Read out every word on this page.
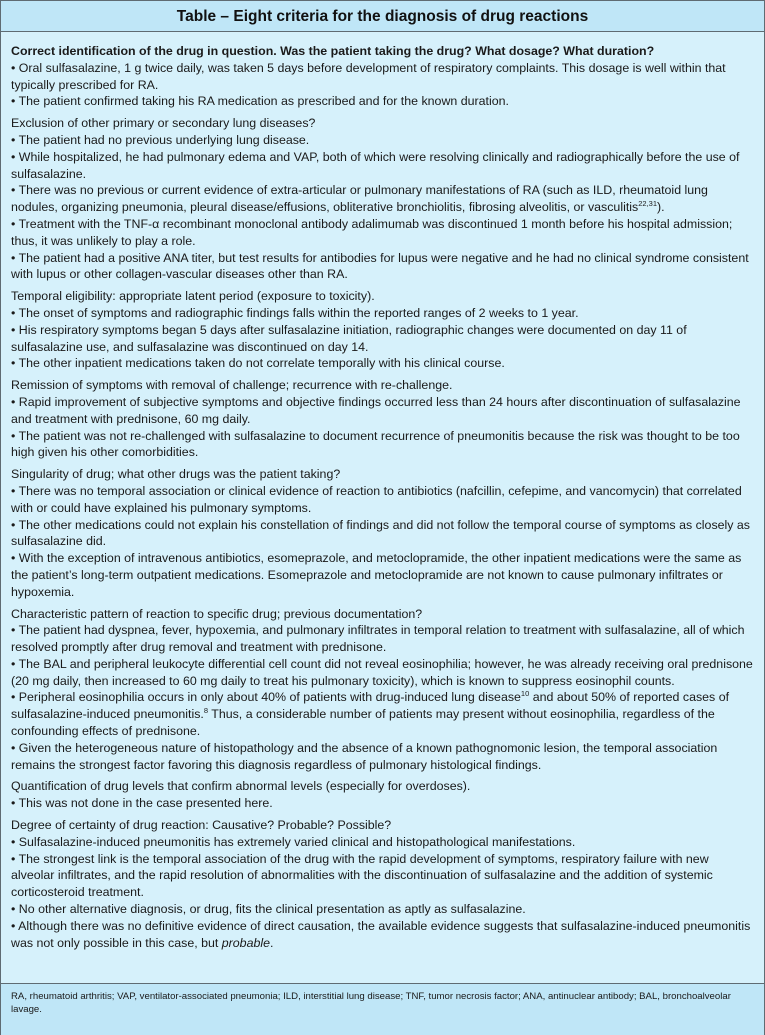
Table – Eight criteria for the diagnosis of drug reactions
Correct identification of the drug in question. Was the patient taking the drug? What dosage? What duration?
• Oral sulfasalazine, 1 g twice daily, was taken 5 days before development of respiratory complaints. This dosage is well within that typically prescribed for RA.
• The patient confirmed taking his RA medication as prescribed and for the known duration.
Exclusion of other primary or secondary lung diseases?
• The patient had no previous underlying lung disease.
• While hospitalized, he had pulmonary edema and VAP, both of which were resolving clinically and radiographically before the use of sulfasalazine.
• There was no previous or current evidence of extra-articular or pulmonary manifestations of RA (such as ILD, rheumatoid lung nodules, organizing pneumonia, pleural disease/effusions, obliterative bronchiolitis, fibrosing alveolitis, or vasculitis$^{22,31}$).
• Treatment with the TNF-α recombinant monoclonal antibody adalimumab was discontinued 1 month before his hospital admission; thus, it was unlikely to play a role.
• The patient had a positive ANA titer, but test results for antibodies for lupus were negative and he had no clinical syndrome consistent with lupus or other collagen-vascular diseases other than RA.
Temporal eligibility: appropriate latent period (exposure to toxicity).
• The onset of symptoms and radiographic findings falls within the reported ranges of 2 weeks to 1 year.
• His respiratory symptoms began 5 days after sulfasalazine initiation, radiographic changes were documented on day 11 of sulfasalazine use, and sulfasalazine was discontinued on day 14.
• The other inpatient medications taken do not correlate temporally with his clinical course.
Remission of symptoms with removal of challenge; recurrence with re-challenge.
• Rapid improvement of subjective symptoms and objective findings occurred less than 24 hours after discontinuation of sulfasalazine and treatment with prednisone, 60 mg daily.
• The patient was not re-challenged with sulfasalazine to document recurrence of pneumonitis because the risk was thought to be too high given his other comorbidities.
Singularity of drug; what other drugs was the patient taking?
• There was no temporal association or clinical evidence of reaction to antibiotics (nafcillin, cefepime, and vancomycin) that correlated with or could have explained his pulmonary symptoms.
• The other medications could not explain his constellation of findings and did not follow the temporal course of symptoms as closely as sulfasalazine did.
• With the exception of intravenous antibiotics, esomeprazole, and metoclopramide, the other inpatient medications were the same as the patient’s long-term outpatient medications. Esomeprazole and metoclopramide are not known to cause pulmonary infiltrates or hypoxemia.
Characteristic pattern of reaction to specific drug; previous documentation?
• The patient had dyspnea, fever, hypoxemia, and pulmonary infiltrates in temporal relation to treatment with sulfasalazine, all of which resolved promptly after drug removal and treatment with prednisone.
• The BAL and peripheral leukocyte differential cell count did not reveal eosinophilia; however, he was already receiving oral prednisone (20 mg daily, then increased to 60 mg daily to treat his pulmonary toxicity), which is known to suppress eosinophil counts.
• Peripheral eosinophilia occurs in only about 40% of patients with drug-induced lung disease$^{10}$ and about 50% of reported cases of sulfasalazine-induced pneumonitis.$^8$ Thus, a considerable number of patients may present without eosinophilia, regardless of the confounding effects of prednisone.
• Given the heterogeneous nature of histopathology and the absence of a known pathognomonic lesion, the temporal association remains the strongest factor favoring this diagnosis regardless of pulmonary histological findings.
Quantification of drug levels that confirm abnormal levels (especially for overdoses).
• This was not done in the case presented here.
Degree of certainty of drug reaction: Causative? Probable? Possible?
• Sulfasalazine-induced pneumonitis has extremely varied clinical and histopathological manifestations.
• The strongest link is the temporal association of the drug with the rapid development of symptoms, respiratory failure with new alveolar infiltrates, and the rapid resolution of abnormalities with the discontinuation of sulfasalazine and the addition of systemic corticosteroid treatment.
• No other alternative diagnosis, or drug, fits the clinical presentation as aptly as sulfasalazine.
• Although there was no definitive evidence of direct causation, the available evidence suggests that sulfasalazine-induced pneumonitis was not only possible in this case, but probable.
RA, rheumatoid arthritis; VAP, ventilator-associated pneumonia; ILD, interstitial lung disease; TNF, tumor necrosis factor; ANA, antinuclear antibody; BAL, bronchoalveolar lavage.
